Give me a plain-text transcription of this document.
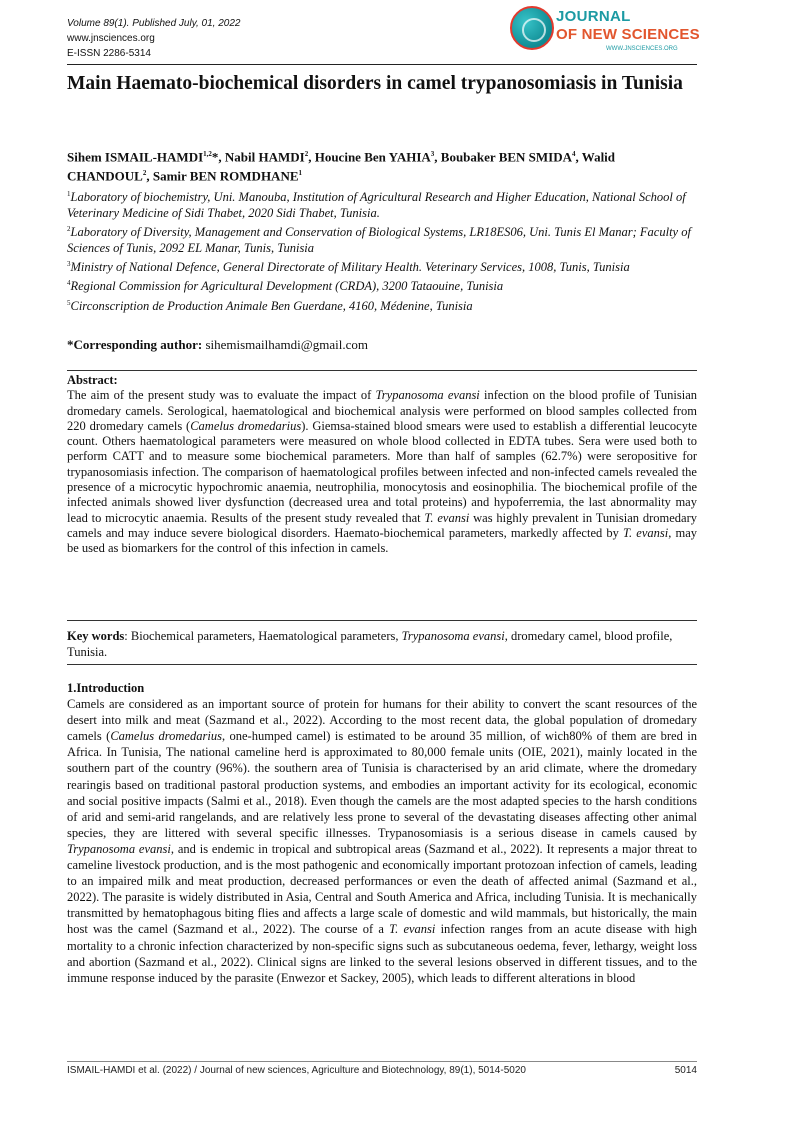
Volume 89(1). Published July, 01, 2022
www.jnsciences.org
E-ISSN 2286-5314
JOURNAL
OF NEW SCIENCES
WWW.JNSCIENCES.ORG
Main Haemato-biochemical disorders in camel trypanosomiasis in Tunisia
Sihem ISMAIL-HAMDI$^{1,2}$*, Nabil HAMDI$^2$, Houcine Ben YAHIA$^3$, Boubaker BEN SMIDA$^4$, Walid CHANDOUL$^2$, Samir BEN ROMDHANE$^1$

$^1$Laboratory of biochemistry, Uni. Manouba, Institution of Agricultural Research and Higher Education, National School of Veterinary Medicine of Sidi Thabet, 2020 Sidi Thabet, Tunisia.

$^2$Laboratory of Diversity, Management and Conservation of Biological Systems, LR18ES06, Uni. Tunis El Manar; Faculty of Sciences of Tunis, 2092 EL Manar, Tunis, Tunisia

$^3$Ministry of National Defence, General Directorate of Military Health. Veterinary Services, 1008, Tunis, Tunisia

$^4$Regional Commission for Agricultural Development (CRDA), 3200 Tataouine, Tunisia

$^5$Circonscription de Production Animale Ben Guerdane, 4160, Médenine, Tunisia

*Corresponding author: sihemismailhamdi@gmail.com
Abstract:
The aim of the present study was to evaluate the impact of Trypanosoma evansi infection on the blood profile of Tunisian dromedary camels. Serological, haematological and biochemical analysis were performed on blood samples collected from 220 dromedary camels (Camelus dromedarius). Giemsa-stained blood smears were used to establish a differential leucocyte count. Others haematological parameters were measured on whole blood collected in EDTA tubes. Sera were used both to perform CATT and to measure some biochemical parameters. More than half of samples (62.7%) were seropositive for trypanosomiasis infection. The comparison of haematological profiles between infected and non-infected camels revealed the presence of a microcytic hypochromic anaemia, neutrophilia, monocytosis and eosinophilia. The biochemical profile of the infected animals showed liver dysfunction (decreased urea and total proteins) and hypoferremia, the last abnormality may lead to microcytic anaemia. Results of the present study revealed that T. evansi was highly prevalent in Tunisian dromedary camels and may induce severe biological disorders. Haemato-biochemical parameters, markedly affected by T. evansi, may be used as biomarkers for the control of this infection in camels.
Key words: Biochemical parameters, Haematological parameters, Trypanosoma evansi, dromedary camel, blood profile, Tunisia.
1.Introduction
Camels are considered as an important source of protein for humans for their ability to convert the scant resources of the desert into milk and meat (Sazmand et al., 2022). According to the most recent data, the global population of dromedary camels (Camelus dromedarius, one-humped camel) is estimated to be around 35 million, of wich80% of them are bred in Africa. In Tunisia, The national cameline herd is approximated to 80,000 female units (OIE, 2021), mainly located in the southern part of the country (96%). the southern area of Tunisia is characterised by an arid climate, where the dromedary rearingis based on traditional pastoral production systems, and embodies an important activity for its ecological, economic and social positive impacts (Salmi et al., 2018). Even though the camels are the most adapted species to the harsh conditions of arid and semi-arid rangelands, and are relatively less prone to several of the devastating diseases affecting other animal species, they are littered with several specific illnesses. Trypanosomiasis is a serious disease in camels caused by Trypanosoma evansi, and is endemic in tropical and subtropical areas (Sazmand et al., 2022). It represents a major threat to cameline livestock production, and is the most pathogenic and economically important protozoan infection of camels, leading to an impaired milk and meat production, decreased performances or even the death of affected animal (Sazmand et al., 2022). The parasite is widely distributed in Asia, Central and South America and Africa, including Tunisia. It is mechanically transmitted by hematophagous biting flies and affects a large scale of domestic and wild mammals, but historically, the main host was the camel (Sazmand et al., 2022). The course of a T. evansi infection ranges from an acute disease with high mortality to a chronic infection characterized by non-specific signs such as subcutaneous oedema, fever, lethargy, weight loss and abortion (Sazmand et al., 2022). Clinical signs are linked to the several lesions observed in different tissues, and to the immune response induced by the parasite (Enwezor et Sackey, 2005), which leads to different alterations in blood
ISMAIL-HAMDI et al. (2022) / Journal of new sciences, Agriculture and Biotechnology, 89(1), 5014-5020	5014
